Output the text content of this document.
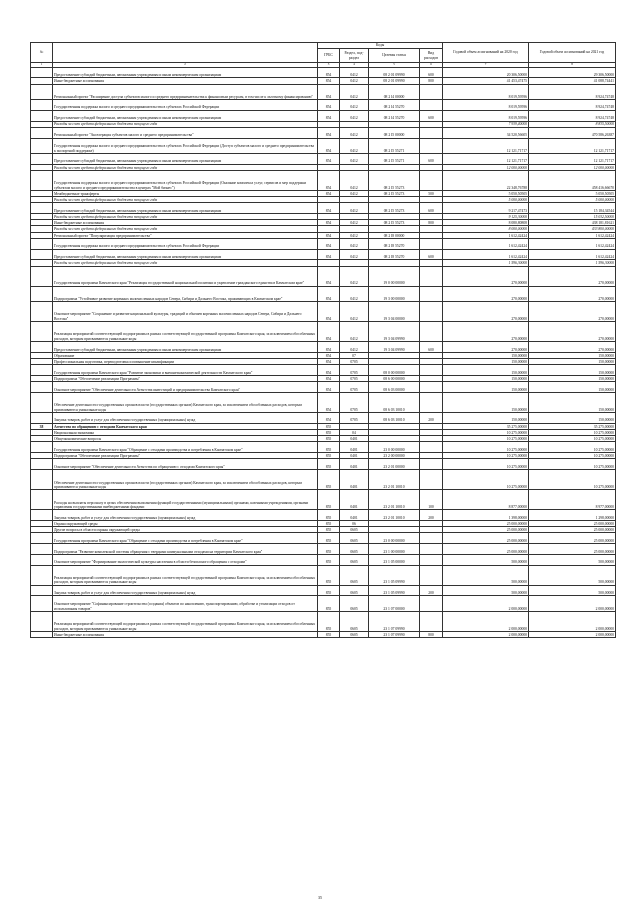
№		Коды				Годовой объем ассигнований на 2020 год	Годовой объем ассигнований на 2021 год
		ГРБС	Раздел, под-раздел	Целевая статья	Вид расходов		
1	2	3	4	5	6	7	8
	Предоставление субсидий бюджетным, автономным учреждениям и иным некоммерческим организациям	854	0412	08 2 01 09990	600	20 306,50000	29 306,50000
	Иные бюджетные ассигнования	854	0412	08 2 01 09990	800	41 453,47475	41 088,74441
	Региональный проект "Расширение доступа субъектов малого и среднего предпринимательства к финансовым ресурсам, в том числе к льготному финансированию"	854	0412	08 2 I4 00000		8 019,59596	8 924,74748
	Государственная поддержка малого и среднего предпринимательства в субъектах Российской Федерации	854	0412	08 2 I4 55270		8 019,59596	8 924,74748
	Предоставление субсидий бюджетным, автономным учреждениям и иным некоммерческим организациям	854	0412	08 2 I4 55270	600	8 019,59596	8 924,74748
	Расходы за счет средств федерального бюджета текущего года					7 939,40000	8 835,50000
	Региональный проект "Акселерация субъектов малого и среднего предпринимательства"	854	0412	08 2 I5 00000		34 520,56605	470 586,26387
	Государственная поддержка малого и среднего предпринимательства в субъектах Российской Федерации (Доступ субъектов малого и среднего предпринимательства к экспортной поддержке)	854	0412	08 2 I5 55271		12 121,71717	12 121,71717
	Предоставление субсидий бюджетным, автономным учреждениям и иным некоммерческим организациям	854	0412	08 2 I5 55271	600	12 121,71717	12 121,71717
	Расходы за счет средств федерального бюджета текущего года					12 000,00000	12 000,00000
	Государственная поддержка малого и среднего предпринимательства в субъектах Российской Федерации (Оказание комплекса услуг, сервисов и мер поддержки субъектам малого и среднего предпринимательства в центрах "Мой бизнес")	854	0412	08 2 I5 55273		22 348,76788	458 416,66670
	Межбюджетные трансферты	854	0412	08 2 I5 55273	500	5 050,50505	5 050,50505
	Расходы за счет средств федерального бюджета текущего года					5 000,00000	5 000,00000
	Предоставление субсидий бюджетным, автономным учреждениям и иным некоммерческим организациям	854	0412	08 2 I5 55273	600	9 217,47473	15 184,34544
	Расходы за счет средств федерального бюджета текущего года					9 125,30000	15 032,50000
	Иные бюджетные ассигнования	854	0412	08 2 I5 55273	800	8 080,80808	438 181,81621
	Расходы за счет средств федерального бюджета текущего года					8 000,00000	433 800,00000
	Региональный проект "Популяризация предпринимательства"	854	0412	08 2 I8 00000		1 612,42424	1 612,42424
	Государственная поддержка малого и среднего предпринимательства в субъектах Российской Федерации	854	0412	08 2 I8 55270		1 612,42424	1 612,42424
	Предоставление субсидий бюджетным, автономным учреждениям и иным некоммерческим организациям	854	0412	08 2 I8 55270	600	1 612,42424	1 612,42424
	Расходы за счет средств федерального бюджета текущего года					1 596,30000	1 596,30000
	Государственная программа Камчатского края "Реализация государственной национальной политики и укрепление гражданского единства в Камчатском крае"	854	0412	19 0 00 00000		270,00000	270,00000
	Подпрограмма "Устойчивое развитие коренных малочисленных народов Севера, Сибири и Дальнего Востока, проживающих в Камчатском крае"	854	0412	19 3 00 00000		270,00000	270,00000
	Основное мероприятие "Сохранение и развитие национальной культуры, традиций и обычаев коренных малочисленных народов Севера, Сибири и Дальнего Востока"	854	0412	19 3 04 00000		270,00000	270,00000
	Реализация мероприятий соответствующей подпрограммы в рамках соответствующей государственной программы Камчатского края, за исключением обособленных расходов, которым присваиваются уникальные коды	854	0412	19 3 04 09990		270,00000	270,00000
	Предоставление субсидий бюджетным, автономным учреждениям и иным некоммерческим организациям	854	0412	19 3 04 09990	600	270,00000	270,00000
	Образование	854	07			150,00000	150,00000
	Профессиональная подготовка, переподготовка и повышение квалификации	854	0705			150,00000	150,00000
	Государственная программа Камчатского края "Развитие экономики и внешнеэкономической деятельности Камчатского края"	854	0705	08 0 00 00000		150,00000	150,00000
	Подпрограмма "Обеспечение реализации Программы"	854	0705	08 6 00 00000		150,00000	150,00000
	Основное мероприятие "Обеспечение деятельности Агентства инвестиций и предпринимательства Камчатского края"	854	0705	08 6 03 00000		150,00000	150,00000
	Обеспечение деятельности государственных органов власти (государственных органов) Камчатского края, за исключением обособленных расходов, которым присваиваются уникальные коды	854	0705	08 6 03 10010		150,00000	150,00000
	Закупка товаров, работ и услуг для обеспечения государственных (муниципальных) нужд	854	0705	08 6 03 10010	200	150,00000	150,00000
38	Агентство по обращению с отходами Камчатского края	855				35 275,00000	35 275,00000
	Национальная экономика	855	04			10 275,00000	10 275,00000
	Общеэкономические вопросы	855	0401			10 275,00000	10 275,00000
	Государственная программа Камчатского края "Обращение с отходами производства и потребления в Камчатском крае"	855	0401	23 0 00 00000		10 275,00000	10 275,00000
	Подпрограмма "Обеспечение реализации Программы"	855	0401	23 2 00 00000		10 275,00000	10 275,00000
	Основное мероприятие "Обеспечение деятельности Агентства по обращению с отходами Камчатского края"	855	0401	23 2 01 00000		10 275,00000	10 275,00000
	Обеспечение деятельности государственных органов власти (государственных органов) Камчатского края, за исключением обособленных расходов, которым присваиваются уникальные коды	855	0401	23 2 01 10010		10 275,00000	10 275,00000
	Расходы на выплаты персоналу в целях обеспечения выполнения функций государственными (муниципальными) органами, казенными учреждениями, органами управления государственными внебюджетными фондами	855	0401	23 2 01 10010	100	8 877,00000	8 977,00000
	Закупка товаров, работ и услуг для обеспечения государственных (муниципальных) нужд	855	0401	23 2 01 10010	200	1 398,00000	1 298,00000
	Охрана окружающей среды	855	06			25 000,00000	25 000,00000
	Другие вопросы в области охраны окружающей среды	855	0605			25 000,00000	25 000,00000
	Государственная программа Камчатского края "Обращение с отходами производства и потребления в Камчатском крае"	855	0605	23 0 00 00000		25 000,00000	25 000,00000
	Подпрограмма "Развитие комплексной системы обращения с твердыми коммунальными отходами на территории Камчатского края"	855	0605	23 1 00 00000		25 000,00000	25 000,00000
	Основное мероприятие "Формирование экологической культуры населения в области безопасного обращения с отходами"	855	0605	23 1 05 00000		500,00000	500,00000
	Реализация мероприятий соответствующей подпрограммы в рамках соответствующей государственной программы Камчатского края, за исключением обособленных расходов, которым присваиваются уникальные коды	855	0605	23 1 05 09990		500,00000	500,00000
	Закупка товаров, работ и услуг для обеспечения государственных (муниципальных) нужд	855	0605	23 1 05 09990	200	500,00000	500,00000
	Основное мероприятие "Софинансирование строительства (создания) объектов по накоплению, транспортированию, обработке и утилизации отходов от использования товаров"	855	0605	23 1 07 00000		2 000,00000	2 000,00000
	Реализация мероприятий соответствующей подпрограммы в рамках соответствующей государственной программы Камчатского края, за исключением обособленных расходов, которым присваиваются уникальные коды	855	0605	23 1 07 09990		2 000,00000	2 000,00000
	Иные бюджетные ассигнования	855	0605	23 1 07 09990	800	2 000,00000	2 000,00000
35
